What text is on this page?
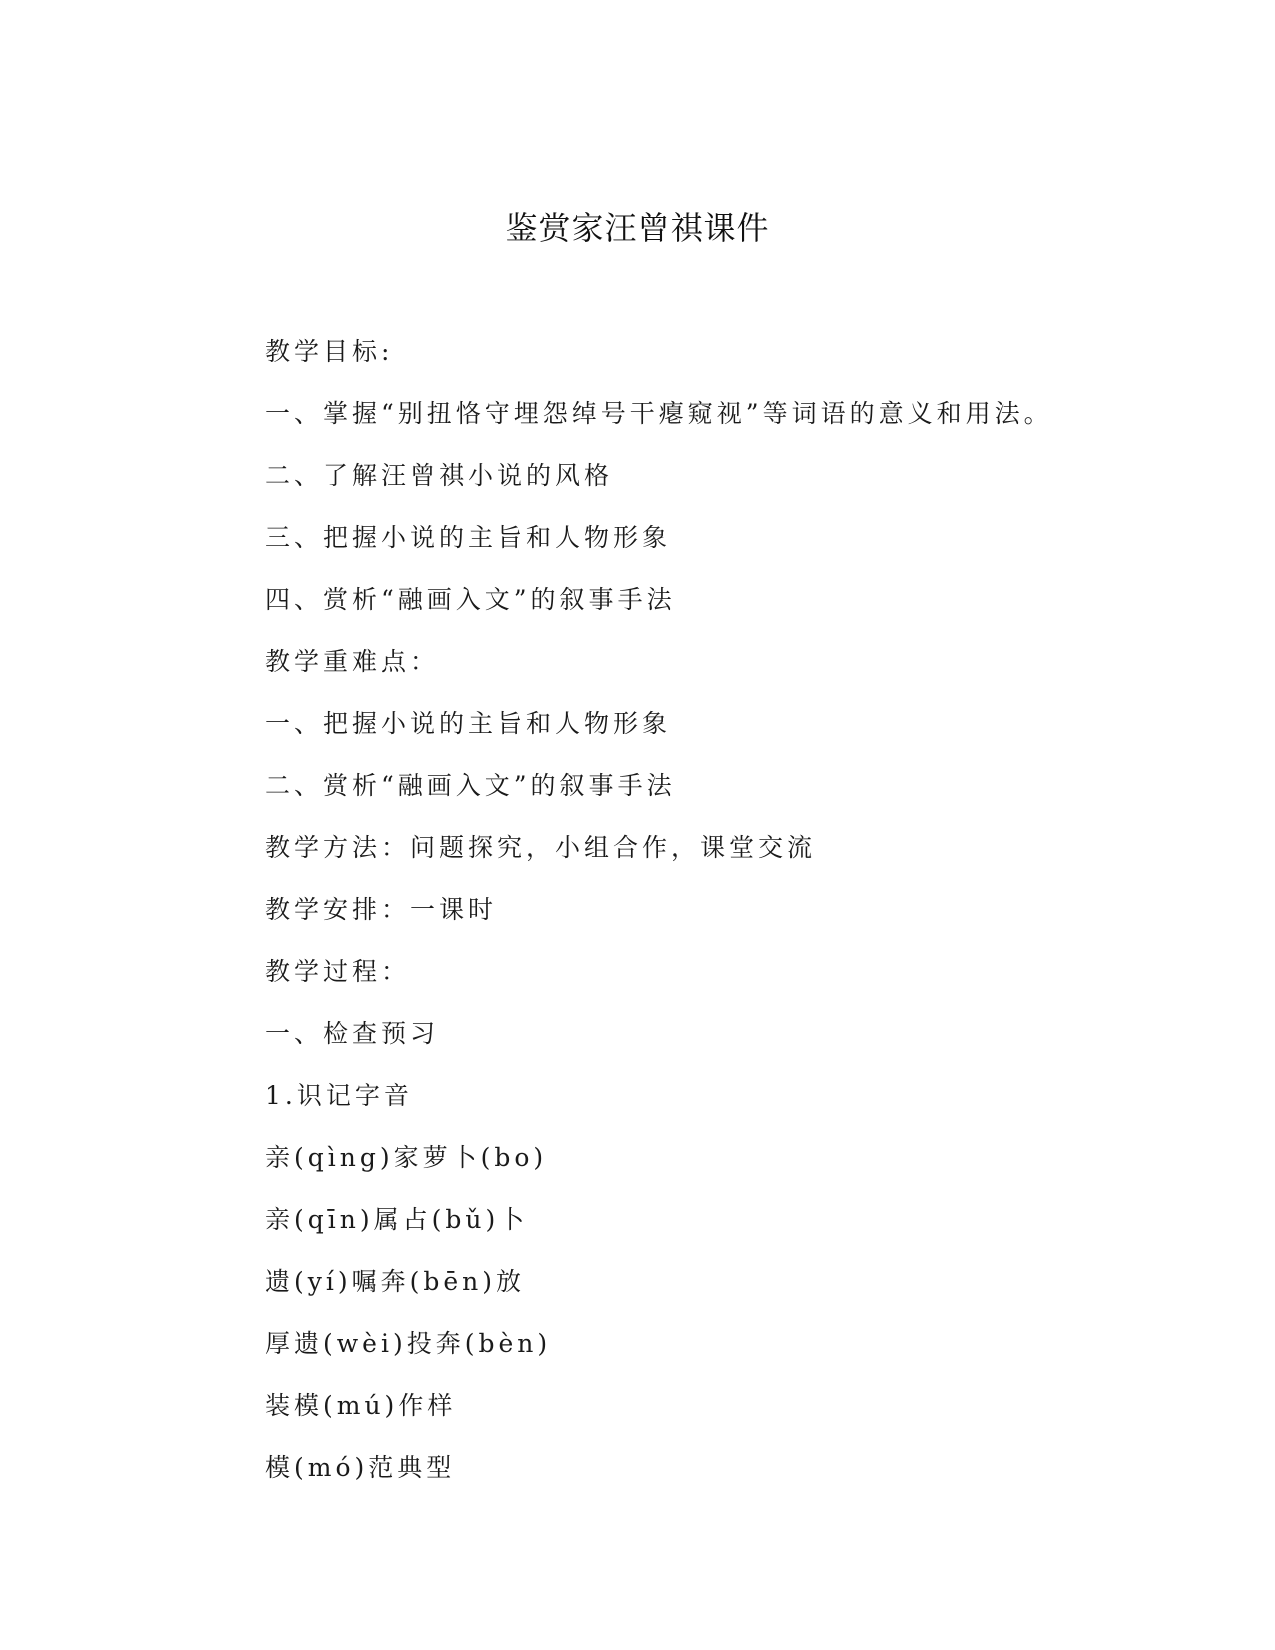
鉴赏家汪曾祺课件
教学目标:
一、掌握“别扭恪守埋怨绰号干瘪窥视”等词语的意义和用法。
二、了解汪曾祺小说的风格
三、把握小说的主旨和人物形象
四、赏析“融画入文”的叙事手法
教学重难点：
一、把握小说的主旨和人物形象
二、赏析“融画入文”的叙事手法
教学方法：问题探究，小组合作，课堂交流
教学安排：一课时
教学过程：
一、检查预习
1.识记字音
亲(qìng)家萝卜(bo)
亲(qīn)属占(bǔ)卜
遗(yí)嘱奔(bēn)放
厚遗(wèi)投奔(bèn)
装模(mú)作样
模(mó)范典型
